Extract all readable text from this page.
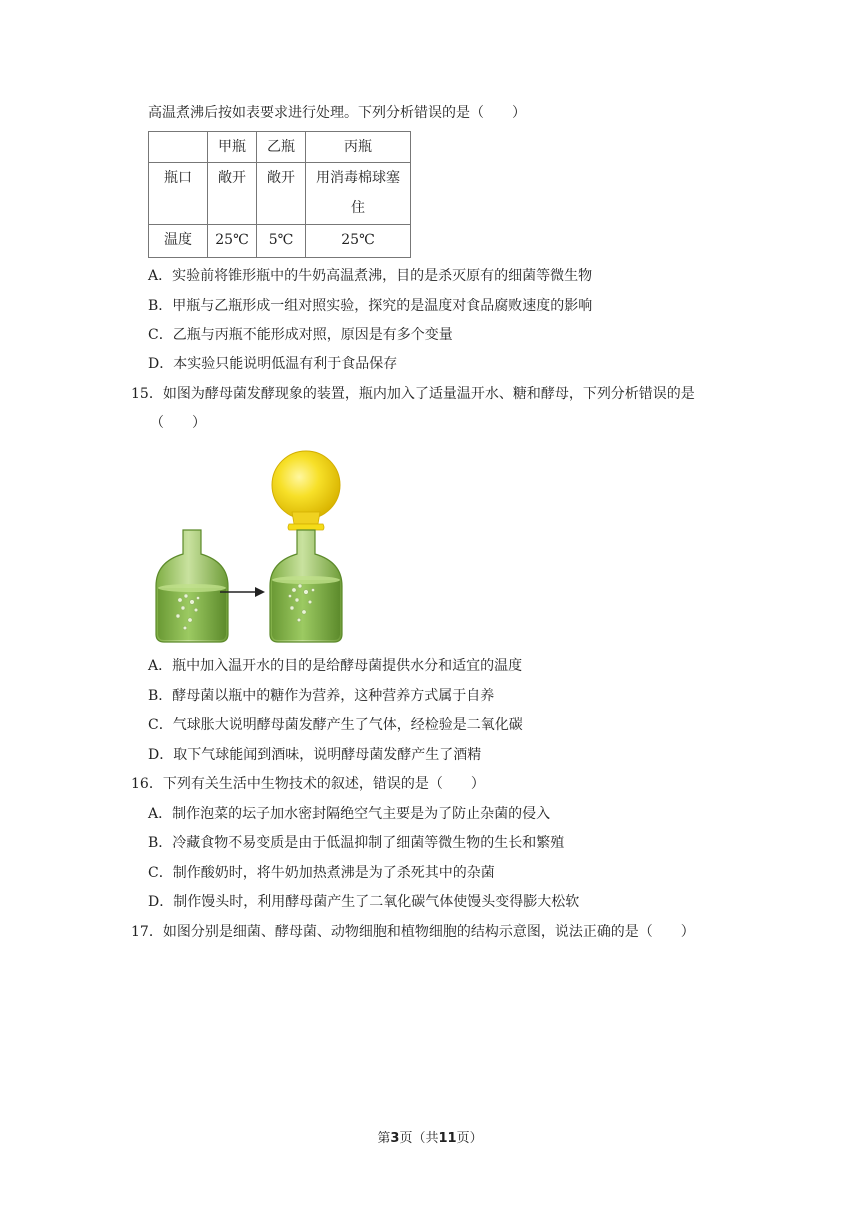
高温煮沸后按如表要求进行处理。下列分析错误的是（　　）
	甲瓶	乙瓶	丙瓶
瓶口	敞开	敞开	用消毒棉球塞
住
温度	25℃	5℃	25℃
A．实验前将锥形瓶中的牛奶高温煮沸，目的是杀灭原有的细菌等微生物
B．甲瓶与乙瓶形成一组对照实验，探究的是温度对食品腐败速度的影响
C．乙瓶与丙瓶不能形成对照，原因是有多个变量
D．本实验只能说明低温有利于食品保存
15．如图为酵母菌发酵现象的装置，瓶内加入了适量温开水、糖和酵母，下列分析错误的是
（　　）
A．瓶中加入温开水的目的是给酵母菌提供水分和适宜的温度
B．酵母菌以瓶中的糖作为营养，这种营养方式属于自养
C．气球胀大说明酵母菌发酵产生了气体，经检验是二氧化碳
D．取下气球能闻到酒味，说明酵母菌发酵产生了酒精
16．下列有关生活中生物技术的叙述，错误的是（　　）
A．制作泡菜的坛子加水密封隔绝空气主要是为了防止杂菌的侵入
B．冷藏食物不易变质是由于低温抑制了细菌等微生物的生长和繁殖
C．制作酸奶时，将牛奶加热煮沸是为了杀死其中的杂菌
D．制作馒头时，利用酵母菌产生了二氧化碳气体使馒头变得膨大松软
17．如图分别是细菌、酵母菌、动物细胞和植物细胞的结构示意图，说法正确的是（　　）
第3页（共11页）
